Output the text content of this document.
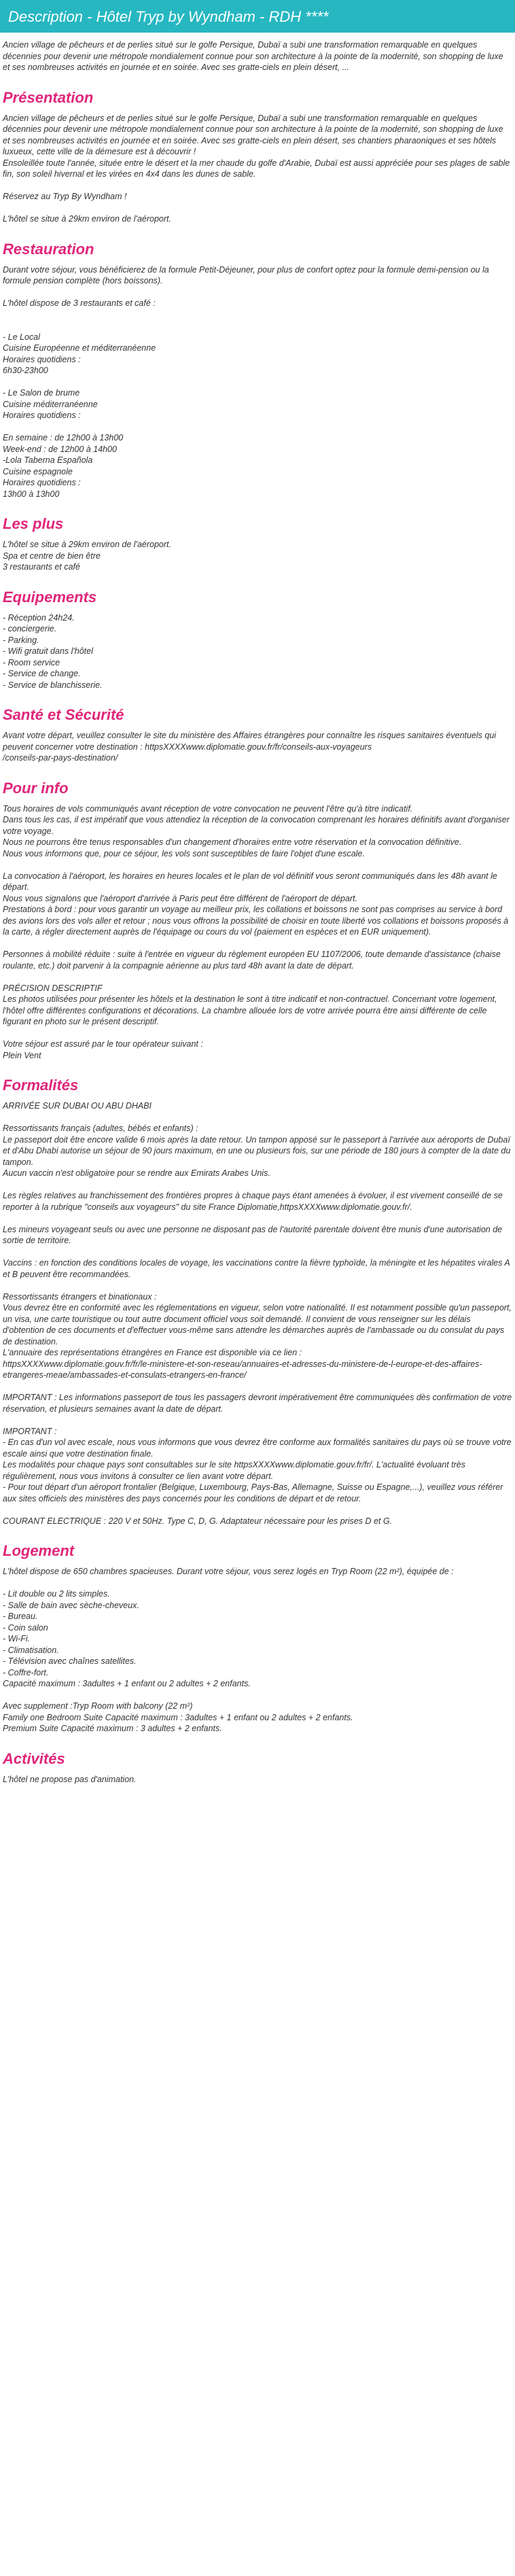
Description - Hôtel Tryp by Wyndham - RDH ****

Ancien village de pêcheurs et de perlies situé sur le golfe Persique, Dubaï a subi une transformation remarquable en quelques décennies pour devenir une métropole mondialement connue pour son architecture à la pointe de la modernité, son shopping de luxe et ses nombreuses activités en journée et en soirée. Avec ses gratte-ciels en plein désert, ...

Présentation

Ancien village de pêcheurs et de perlies situé sur le golfe Persique, Dubaï a subi une transformation remarquable en quelques décennies pour devenir une métropole mondialement connue pour son architecture à la pointe de la modernité, son shopping de luxe et ses nombreuses activités en journée et en soirée. Avec ses gratte-ciels en plein désert, ses chantiers pharaoniques et ses hôtels luxueux, cette ville de la démesure est à découvrir !
Ensoleillée toute l'année, située entre le désert et la mer chaude du golfe d'Arabie, Dubaï est aussi appréciée pour ses plages de sable fin, son soleil hivernal et les virées en 4x4 dans les dunes de sable.

Réservez au Tryp By Wyndham !

L'hôtel se situe à 29km environ de l'aéroport.

Restauration

Durant votre séjour, vous bénéficierez de la formule Petit-Déjeuner, pour plus de confort optez pour la formule demi-pension ou la formule pension complète (hors boissons).

L'hôtel dispose de 3 restaurants et café :

- Le Local
Cuisine Européenne et méditerranéenne
Horaires quotidiens :
6h30-23h00

- Le Salon de brume
Cuisine méditerranéenne
Horaires quotidiens :

En semaine : de 12h00 à 13h00
Week-end : de 12h00 à 14h00
-Lola Taberna Española
Cuisine espagnole
Horaires quotidiens :
13h00 à 13h00

Les plus

L'hôtel se situe à 29km environ de l'aéroport.
Spa et centre de bien être
3 restaurants et café

Equipements

- Réception 24h24.
- conciergerie.
- Parking.
- Wifi gratuit dans l'hôtel
- Room service
- Service de change.
- Service de blanchisserie.

Santé et Sécurité

Avant votre départ, veuillez consulter le site du ministère des Affaires étrangères pour connaître les risques sanitaires éventuels qui peuvent concerner votre destination : httpsXXXXwww.diplomatie.gouv.fr/fr/conseils-aux-voyageurs
/conseils-par-pays-destination/

Pour info

Tous horaires de vols communiqués avant réception de votre convocation ne peuvent l'être qu'à titre indicatif.
Dans tous les cas, il est impératif que vous attendiez la réception de la convocation comprenant les horaires définitifs avant d'organiser votre voyage.
Nous ne pourrons être tenus responsables d'un changement d'horaires entre votre réservation et la convocation définitive.
Nous vous informons que, pour ce séjour, les vols sont susceptibles de faire l'objet d'une escale.

La convocation à l'aéroport, les horaires en heures locales et le plan de vol définitif vous seront communiqués dans les 48h avant le départ.
Nous vous signalons que l'aéroport d'arrivée à Paris peut être différent de l'aéroport de départ.
Prestations à bord : pour vous garantir un voyage au meilleur prix, les collations et boissons ne sont pas comprises au service à bord des avions lors des vols aller et retour ; nous vous offrons la possibilité de choisir en toute liberté vos collations et boissons proposés à la carte, à régler directement auprès de l'équipage ou cours du vol (paiement en espèces et en EUR uniquement).

Personnes à mobilité réduite : suite à l'entrée en vigueur du règlement européen EU 1107/2006, toute demande d'assistance (chaise roulante, etc.) doit parvenir à la compagnie aérienne au plus tard 48h avant la date de départ.

PRÉCISION DESCRIPTIF
Les photos utilisées pour présenter les hôtels et la destination le sont à titre indicatif et non-contractuel. Concernant votre logement, l'hôtel offre différentes configurations et décorations. La chambre allouée lors de votre arrivée pourra être ainsi différente de celle figurant en photo sur le présent descriptif.

Votre séjour est assuré par le tour opérateur suivant :
Plein Vent

Formalités

ARRIVÉE SUR DUBAI OU ABU DHABI

Ressortissants français (adultes, bébés et enfants) :
Le passeport doit être encore valide 6 mois après la date retour. Un tampon apposé sur le passeport à l'arrivée aux aéroports de Dubaï et d'Abu Dhabi autorise un séjour de 90 jours maximum, en une ou plusieurs fois, sur une période de 180 jours à compter de la date du tampon.
Aucun vaccin n'est obligatoire pour se rendre aux Emirats Arabes Unis.

Les règles relatives au franchissement des frontières propres à chaque pays étant amenées à évoluer, il est vivement conseillé de se reporter à la rubrique "conseils aux voyageurs" du site France Diplomatie,httpsXXXXwww.diplomatie.gouv.fr/.

Les mineurs voyageant seuls ou avec une personne ne disposant pas de l'autorité parentale doivent être munis d'une autorisation de sortie de territoire.

Vaccins : en fonction des conditions locales de voyage, les vaccinations contre la fièvre typhoïde, la méningite et les hépatites virales A et B peuvent être recommandées.

Ressortissants étrangers et binationaux :
Vous devrez être en conformité avec les réglementations en vigueur, selon votre nationalité. Il est notamment possible qu'un passeport, un visa, une carte touristique ou tout autre document officiel vous soit demandé. Il convient de vous renseigner sur les délais d'obtention de ces documents et d'effectuer vous-même sans attendre les démarches auprès de l'ambassade ou du consulat du pays de destination.
L'annuaire des représentations étrangères en France est disponible via ce lien :
httpsXXXXwww.diplomatie.gouv.fr/fr/le-ministere-et-son-reseau/annuaires-et-adresses-du-ministere-de-l-europe-et-des-affaires-etrangeres-meae/ambassades-et-consulats-etrangers-en-france/

IMPORTANT : Les informations passeport de tous les passagers devront impérativement être communiquées dès confirmation de votre réservation, et plusieurs semaines avant la date de départ.

IMPORTANT :
- En cas d'un vol avec escale, nous vous informons que vous devrez être conforme aux formalités sanitaires du pays où se trouve votre escale ainsi que votre destination finale.
Les modalités pour chaque pays sont consultables sur le site httpsXXXXwww.diplomatie.gouv.fr/fr/. L'actualité évoluant très régulièrement, nous vous invitons à consulter ce lien avant votre départ.
- Pour tout départ d'un aéroport frontalier (Belgique, Luxembourg, Pays-Bas, Allemagne, Suisse ou Espagne,...), veuillez vous référer aux sites officiels des ministères des pays concernés pour les conditions de départ et de retour.

COURANT ELECTRIQUE : 220 V et 50Hz. Type C, D, G. Adaptateur nécessaire pour les prises D et G.

Logement

L'hôtel dispose de 650 chambres spacieuses. Durant votre séjour, vous serez logés en Tryp Room (22 m²), équipée de :

- Lit double ou 2 lits simples.
- Salle de bain avec sèche-cheveux.
- Bureau.
- Coin salon
- Wi-Fi.
- Climatisation.
- Télévision avec chaînes satellites.
- Coffre-fort.
Capacité maximum : 3adultes + 1 enfant ou 2 adultes + 2 enfants.

Avec supplement :Tryp Room with balcony (22 m²)
Family one Bedroom Suite Capacité maximum : 3adultes + 1 enfant ou 2 adultes + 2 enfants.
Premium Suite Capacité maximum : 3 adultes + 2 enfants.

Activités

L'hôtel ne propose pas d'animation.
